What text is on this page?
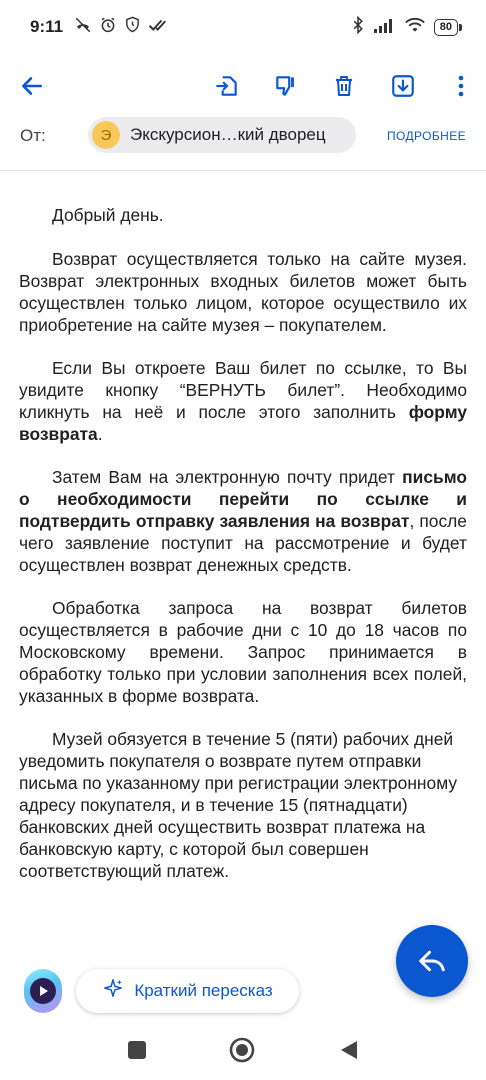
9:11	80
От:	Э	Экскурсион…кий дворец	ПОДРОБНЕЕ

Добрый день.

Возврат осуществляется только на сайте музея. Возврат электронных входных билетов может быть осуществлен только лицом, которое осуществило их приобретение на сайте музея – покупателем.

Если Вы откроете Ваш билет по ссылке, то Вы увидите кнопку “ВЕРНУТЬ билет”. Необходимо кликнуть на неё и после этого заполнить форму возврата.

Затем Вам на электронную почту придет письмо о необходимости перейти по ссылке и подтвердить отправку заявления на возврат, после чего заявление поступит на рассмотрение и будет осуществлен возврат денежных средств.

Обработка запроса на возврат билетов осуществляется в рабочие дни с 10 до 18 часов по Московскому времени. Запрос принимается в обработку только при условии заполнения всех полей, указанных в форме возврата.

Музей обязуется в течение 5 (пяти) рабочих дней уведомить покупателя о возврате путем отправки письма по указанному при регистрации электронному адресу покупателя, и в течение 15 (пятнадцати) банковских дней осуществить возврат платежа на банковскую карту, с которой был совершен соответствующий платеж.

Краткий пересказ
